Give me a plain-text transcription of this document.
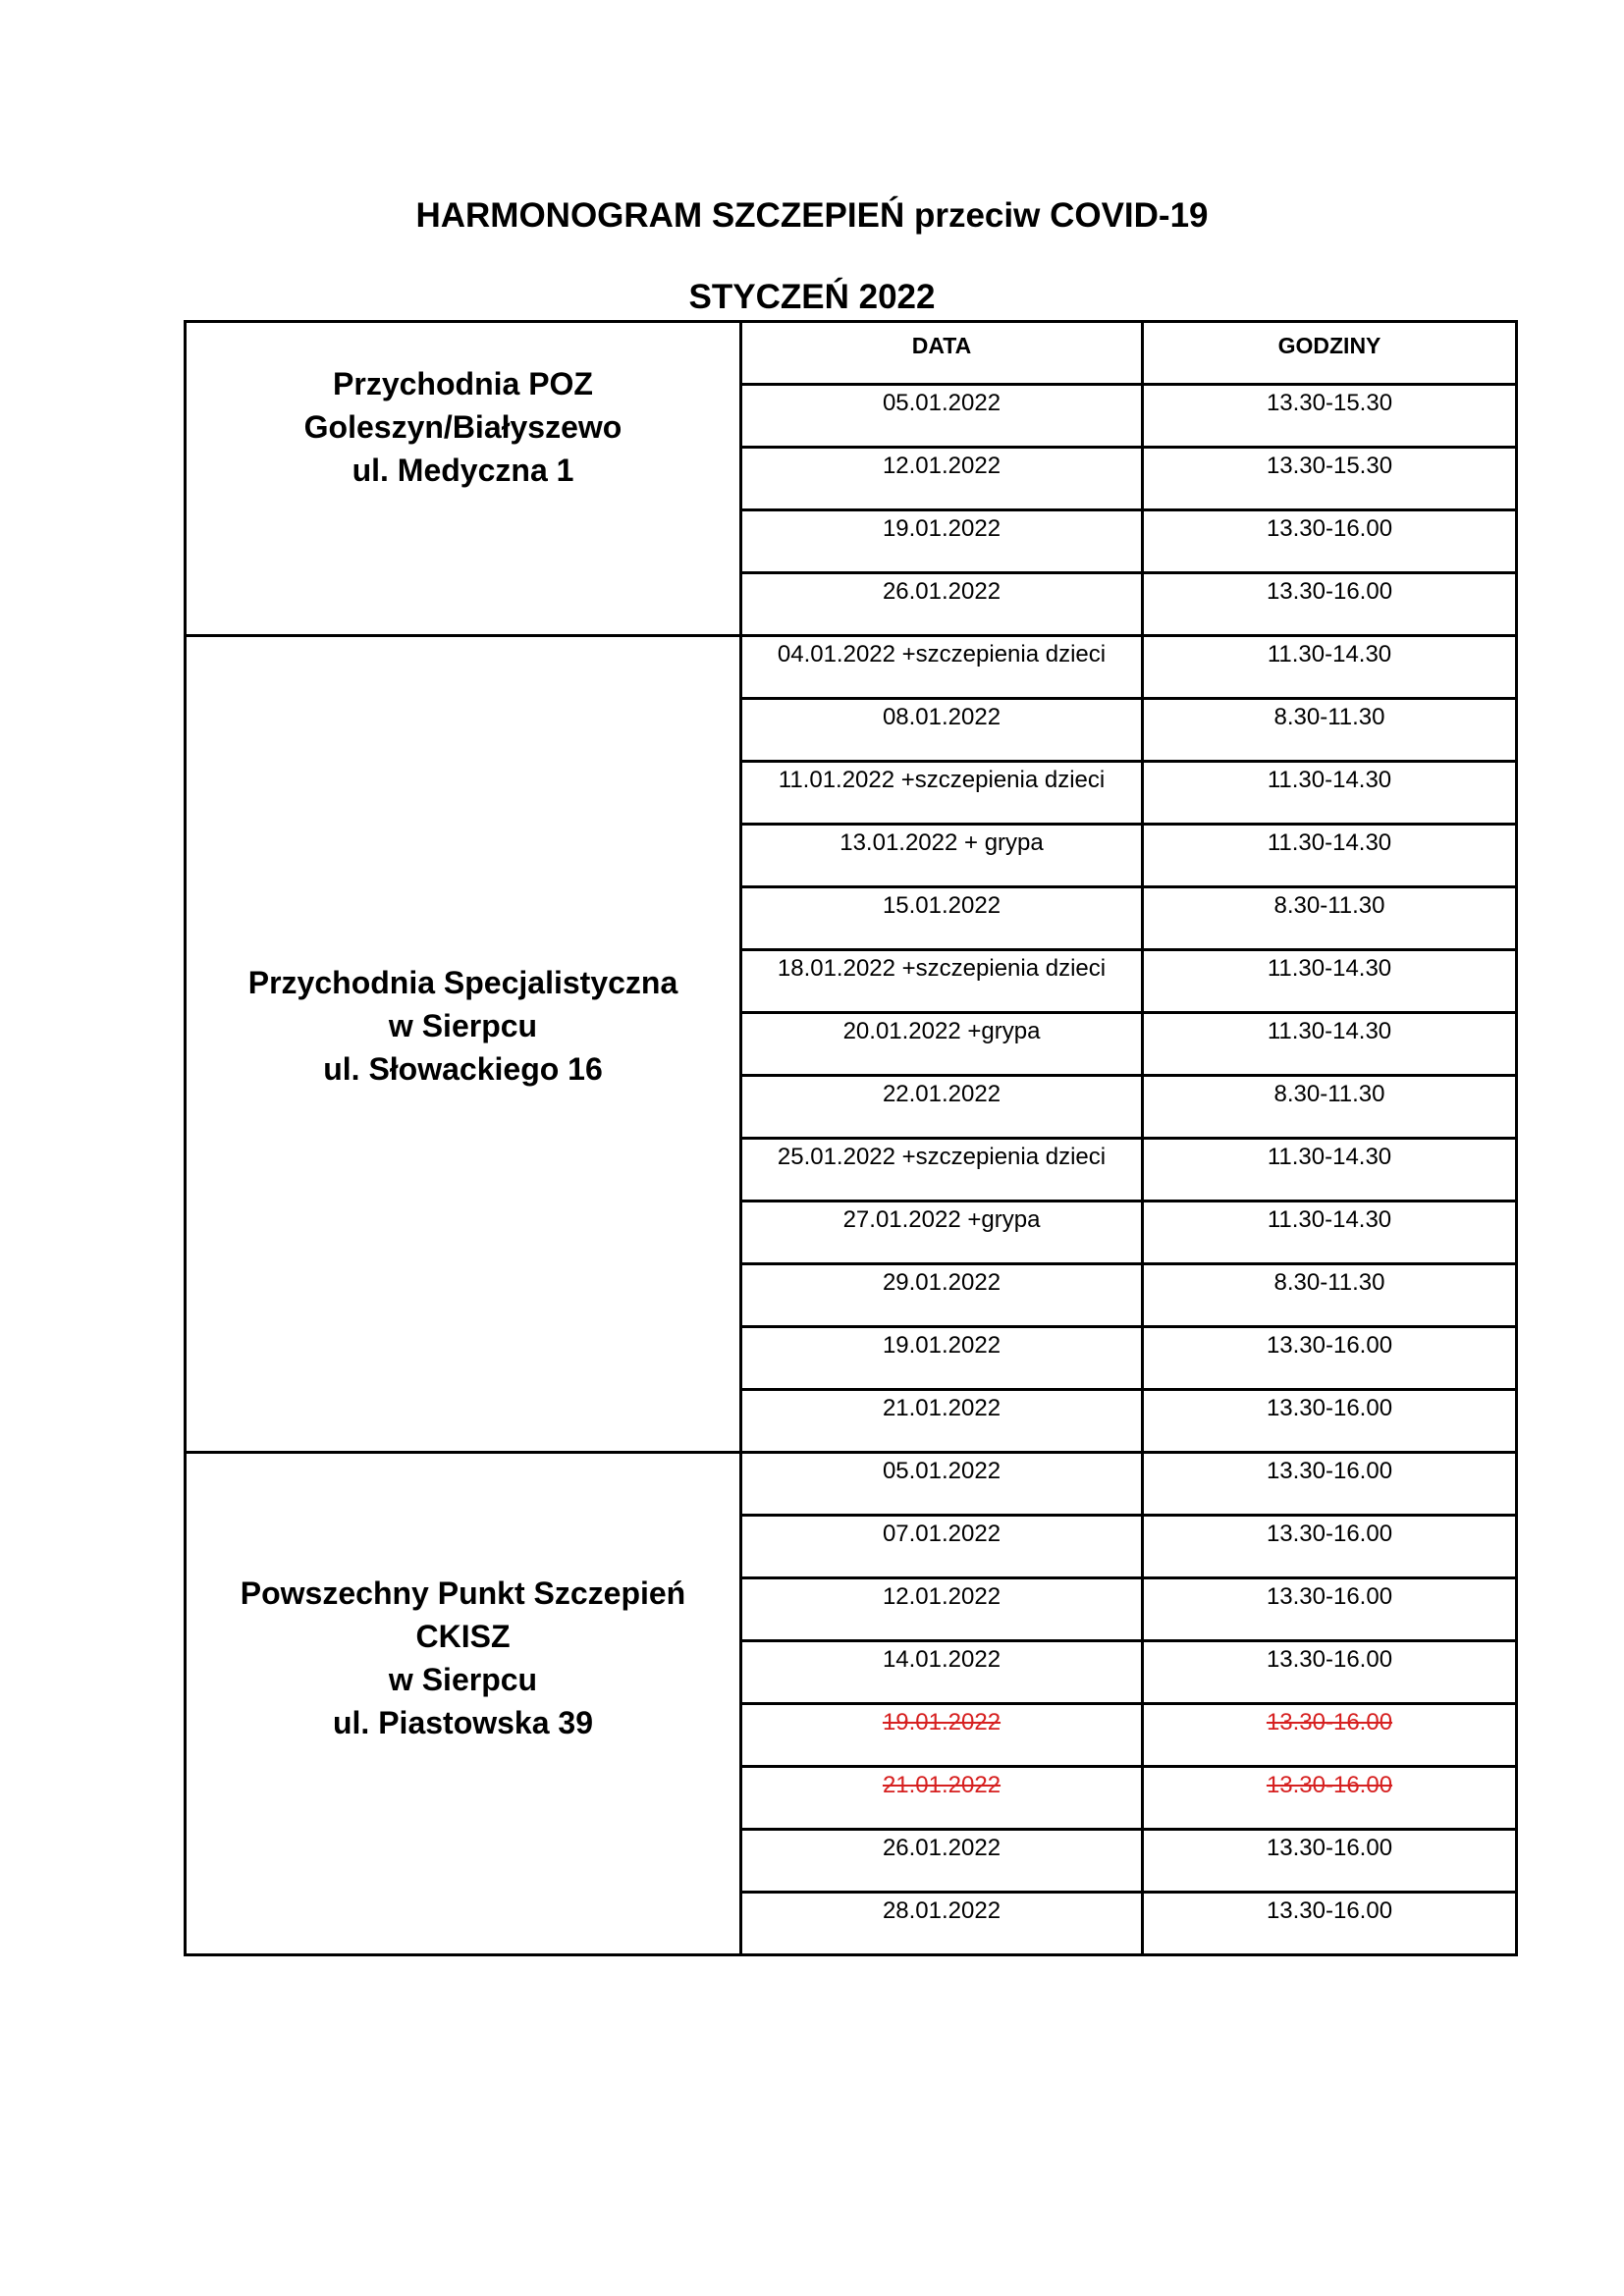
HARMONOGRAM SZCZEPIEŃ przeciw COVID-19
STYCZEŃ 2022
Przychodnia POZ
Goleszyn/Białyszewo
ul. Medyczna 1	DATA	GODZINY

	05.01.2022	13.30-15.30

	12.01.2022	13.30-15.30

	19.01.2022	13.30-16.00

	26.01.2022	13.30-16.00

Przychodnia Specjalistyczna
w Sierpcu
ul. Słowackiego 16	04.01.2022 +szczepienia dzieci	11.30-14.30

	08.01.2022	8.30-11.30

	11.01.2022 +szczepienia dzieci	11.30-14.30

	13.01.2022 + grypa	11.30-14.30

	15.01.2022	8.30-11.30

	18.01.2022 +szczepienia dzieci	11.30-14.30

	20.01.2022 +grypa	11.30-14.30

	22.01.2022	8.30-11.30

	25.01.2022 +szczepienia dzieci	11.30-14.30

	27.01.2022 +grypa	11.30-14.30

	29.01.2022	8.30-11.30

	19.01.2022	13.30-16.00

	21.01.2022	13.30-16.00

Powszechny Punkt Szczepień
CKISZ
w Sierpcu
ul. Piastowska 39	05.01.2022	13.30-16.00

	07.01.2022	13.30-16.00

	12.01.2022	13.30-16.00

	14.01.2022	13.30-16.00

	19.01.2022	13.30-16.00

	21.01.2022	13.30-16.00

	26.01.2022	13.30-16.00

	28.01.2022	13.30-16.00
